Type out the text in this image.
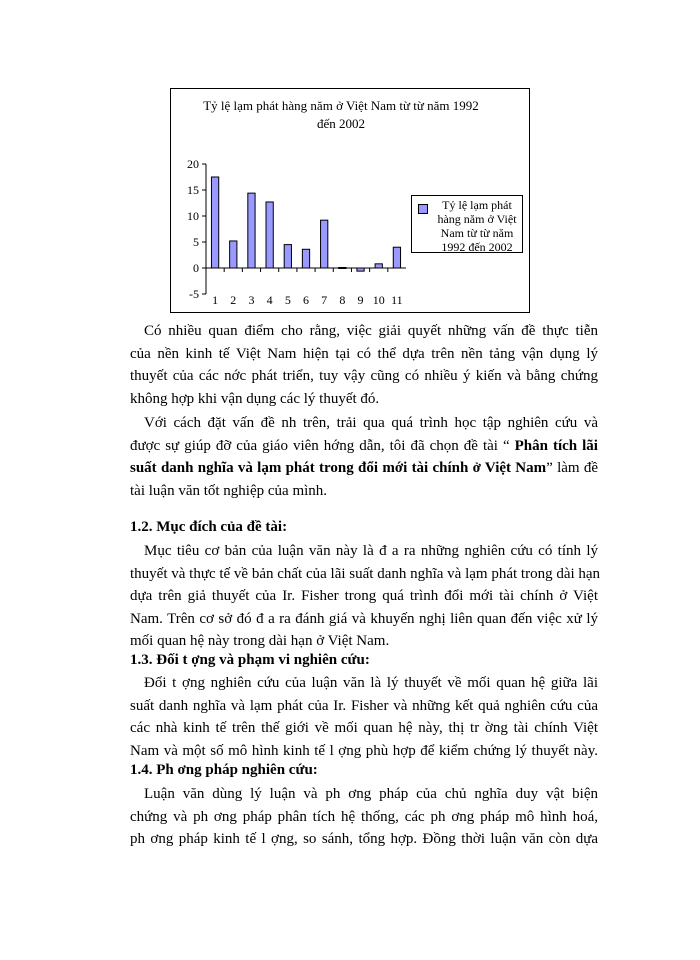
Tỷ lệ lạm phát hàng năm ở Việt Nam từ từ năm 1992
đến 2002
20
15
10
5
0
-5 1 2 3 4 5 6 7 8 9 10 11
Tỷ lệ lạm phát
hàng năm ở Việt
Nam từ từ năm
1992 đến 2002
Có nhiều quan điểm cho rằng, việc giải quyết những vấn đề thực tiễn
của nền kinh tế Việt Nam hiện tại có thể dựa trên nền tảng vận dụng lý
thuyết của các nớc phát triển, tuy vậy cũng có nhiều ý kiến và bằng chứng
không hợp khi vận dụng các lý thuyết đó.
Với cách đặt vấn đề nh trên, trải qua quá trình học tập nghiên cứu và
được sự giúp đỡ của giáo viên hớng dẫn, tôi đã chọn đề tài “ Phân tích lãi
suất danh nghĩa và lạm phát trong đổi mới tài chính ở Việt Nam” làm đề
tài luận văn tốt nghiệp của mình.
1.2. Mục đích của đề tài:
Mục tiêu cơ bản của luận văn này là đ a ra những nghiên cứu có tính lý
thuyết và thực tế về bản chất của lãi suất danh nghĩa và lạm phát trong dài hạn
dựa trên giả thuyết của Ir. Fisher trong quá trình đổi mới tài chính ở Việt
Nam. Trên cơ sở đó đ a ra đánh giá và khuyến nghị liên quan đến việc xử lý
mối quan hệ này trong dài hạn ở Việt Nam.
1.3. Đối t ợng và phạm vi nghiên cứu:
Đối t ợng nghiên cứu của luận văn là lý thuyết về mối quan hệ giữa lãi
suất danh nghĩa và lạm phát của Ir. Fisher và những kết quả nghiên cứu của
các nhà kinh tế trên thế giới về mối quan hệ này, thị tr ờng tài chính Việt
Nam và một số mô hình kinh tế l ợng phù hợp để kiểm chứng lý thuyết này.
1.4. Ph ơng pháp nghiên cứu:
Luận văn dùng lý luận và ph ơng pháp của chủ nghĩa duy vật biện
chứng và ph ơng pháp phân tích hệ thống, các ph ơng pháp mô hình hoá,
ph ơng pháp kinh tế l ợng, so sánh, tổng hợp. Đồng thời luận văn còn dựa
